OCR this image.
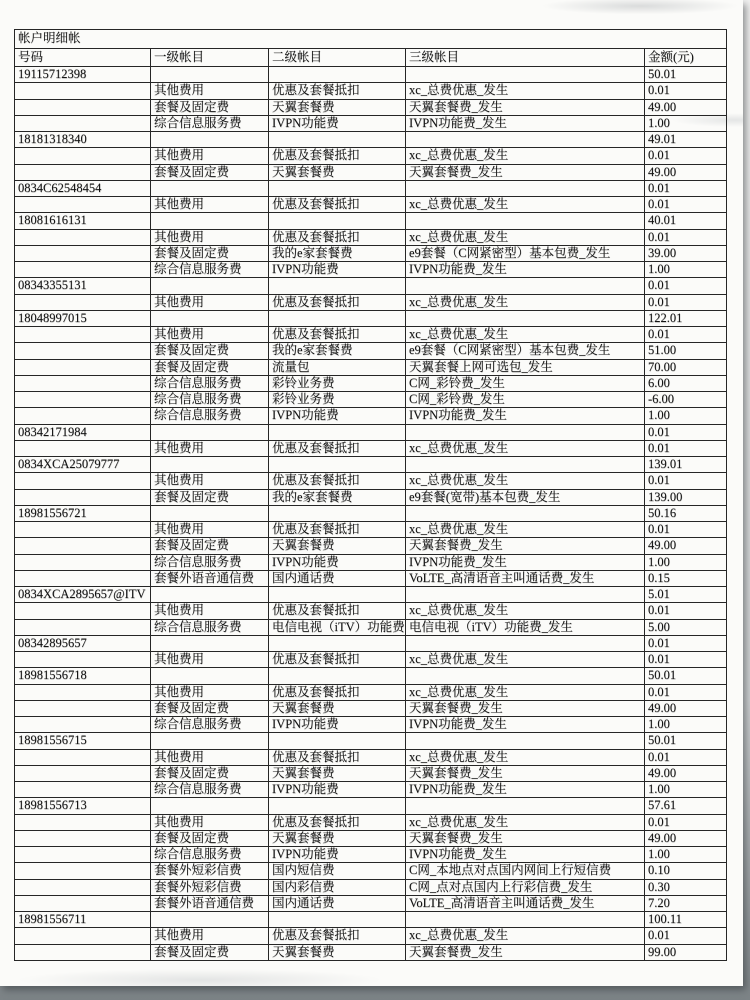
帐户明细帐				
号码	一级帐目	二级帐目	三级帐目	金额(元)
19115712398				50.01
	其他费用	优惠及套餐抵扣	xc_总费优惠_发生	0.01
	套餐及固定费	天翼套餐费	天翼套餐费_发生	49.00
	综合信息服务费	IVPN功能费	IVPN功能费_发生	1.00
18181318340				49.01
	其他费用	优惠及套餐抵扣	xc_总费优惠_发生	0.01
	套餐及固定费	天翼套餐费	天翼套餐费_发生	49.00
0834C62548454				0.01
	其他费用	优惠及套餐抵扣	xc_总费优惠_发生	0.01
18081616131				40.01
	其他费用	优惠及套餐抵扣	xc_总费优惠_发生	0.01
	套餐及固定费	我的e家套餐费	e9套餐（C网紧密型）基本包费_发生	39.00
	综合信息服务费	IVPN功能费	IVPN功能费_发生	1.00
08343355131				0.01
	其他费用	优惠及套餐抵扣	xc_总费优惠_发生	0.01
18048997015				122.01
	其他费用	优惠及套餐抵扣	xc_总费优惠_发生	0.01
	套餐及固定费	我的e家套餐费	e9套餐（C网紧密型）基本包费_发生	51.00
	套餐及固定费	流量包	天翼套餐上网可选包_发生	70.00
	综合信息服务费	彩铃业务费	C网_彩铃费_发生	6.00
	综合信息服务费	彩铃业务费	C网_彩铃费_发生	-6.00
	综合信息服务费	IVPN功能费	IVPN功能费_发生	1.00
08342171984				0.01
	其他费用	优惠及套餐抵扣	xc_总费优惠_发生	0.01
0834XCA25079777				139.01
	其他费用	优惠及套餐抵扣	xc_总费优惠_发生	0.01
	套餐及固定费	我的e家套餐费	e9套餐(宽带)基本包费_发生	139.00
18981556721				50.16
	其他费用	优惠及套餐抵扣	xc_总费优惠_发生	0.01
	套餐及固定费	天翼套餐费	天翼套餐费_发生	49.00
	综合信息服务费	IVPN功能费	IVPN功能费_发生	1.00
	套餐外语音通信费	国内通话费	VoLTE_高清语音主叫通话费_发生	0.15
0834XCA2895657@ITV				5.01
	其他费用	优惠及套餐抵扣	xc_总费优惠_发生	0.01
	综合信息服务费	电信电视（iTV）功能费	电信电视（iTV）功能费_发生	5.00
08342895657				0.01
	其他费用	优惠及套餐抵扣	xc_总费优惠_发生	0.01
18981556718				50.01
	其他费用	优惠及套餐抵扣	xc_总费优惠_发生	0.01
	套餐及固定费	天翼套餐费	天翼套餐费_发生	49.00
	综合信息服务费	IVPN功能费	IVPN功能费_发生	1.00
18981556715				50.01
	其他费用	优惠及套餐抵扣	xc_总费优惠_发生	0.01
	套餐及固定费	天翼套餐费	天翼套餐费_发生	49.00
	综合信息服务费	IVPN功能费	IVPN功能费_发生	1.00
18981556713				57.61
	其他费用	优惠及套餐抵扣	xc_总费优惠_发生	0.01
	套餐及固定费	天翼套餐费	天翼套餐费_发生	49.00
	综合信息服务费	IVPN功能费	IVPN功能费_发生	1.00
	套餐外短彩信费	国内短信费	C网_本地点对点国内网间上行短信费	0.10
	套餐外短彩信费	国内彩信费	C网_点对点国内上行彩信费_发生	0.30
	套餐外语音通信费	国内通话费	VoLTE_高清语音主叫通话费_发生	7.20
18981556711				100.11
	其他费用	优惠及套餐抵扣	xc_总费优惠_发生	0.01
	套餐及固定费	天翼套餐费	天翼套餐费_发生	99.00
